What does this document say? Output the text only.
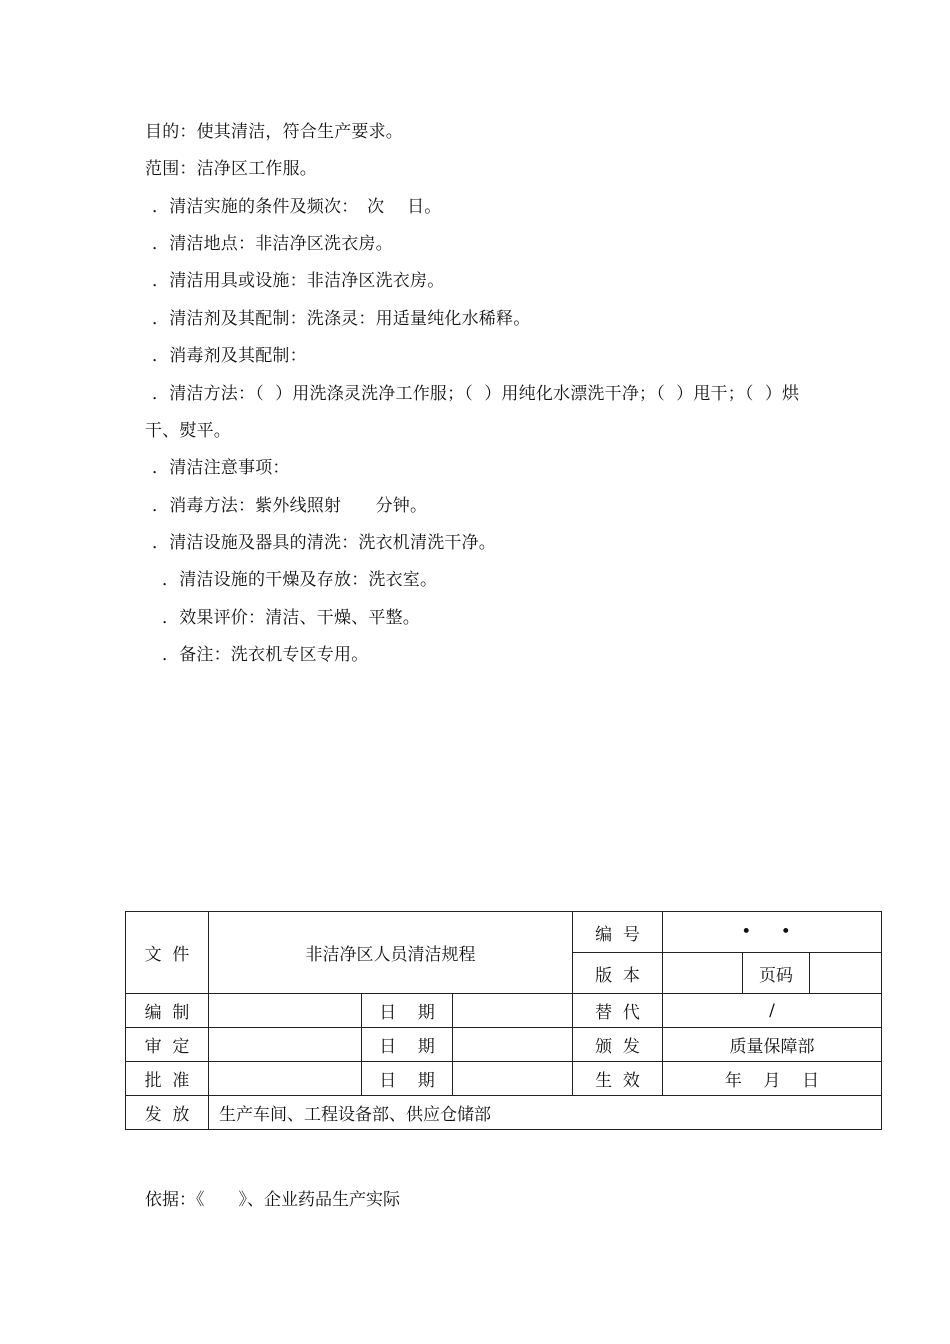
目的：使其清洁，符合生产要求。
范围：洁净区工作服。
．清洁实施的条件及频次：　次　 日。
．清洁地点：非洁净区洗衣房。
．清洁用具或设施：非洁净区洗衣房。
．清洁剂及其配制：洗涤灵：用适量纯化水稀释。
．消毒剂及其配制：
．清洁方法：（  ）用洗涤灵洗净工作服；（  ）用纯化水漂洗干净；（  ）甩干；（  ）烘
干、熨平。
．清洁注意事项：
．消毒方法：紫外线照射　　分钟。
．清洁设施及器具的清洗：洗衣机清洗干净。
．清洁设施的干燥及存放：洗衣室。
．效果评价：清洁、干燥、平整。
．备注：洗衣机专区专用。
文  件	非洁净区人员清洁规程			编  号	• •		
				版  本		页码	
编  制		日    期		替  代	/		
审  定		日    期		颁  发	质量保障部		
批  准		日    期		生  效	年    月    日		
发  放	生产车间、工程设备部、供应仓储部						
依据：《　　》、企业药品生产实际
